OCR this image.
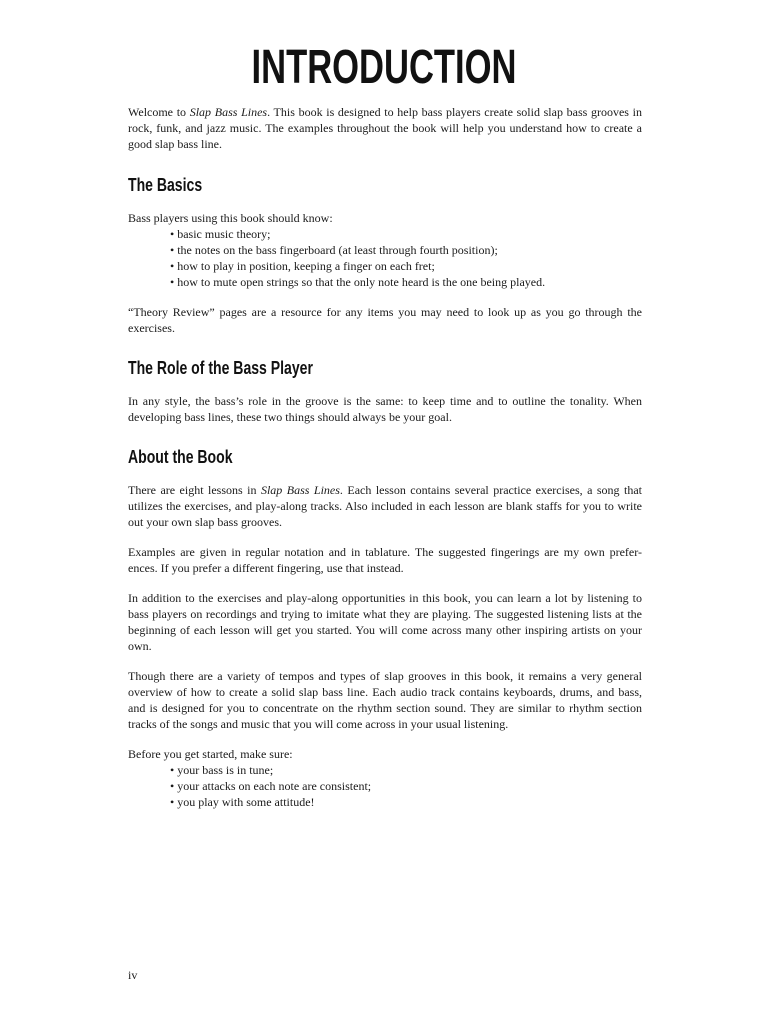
INTRODUCTION

Welcome to Slap Bass Lines. This book is designed to help bass players create solid slap bass grooves in rock, funk, and jazz music. The examples throughout the book will help you understand how to create a good slap bass line.

The Basics

Bass players using this book should know:

• basic music theory;
• the notes on the bass fingerboard (at least through fourth position);
• how to play in position, keeping a finger on each fret;
• how to mute open strings so that the only note heard is the one being played.

“Theory Review” pages are a resource for any items you may need to look up as you go through the exercises.

The Role of the Bass Player

In any style, the bass’s role in the groove is the same: to keep time and to outline the tonality. When developing bass lines, these two things should always be your goal.

About the Book

There are eight lessons in Slap Bass Lines. Each lesson contains several practice exercises, a song that utilizes the exercises, and play-along tracks. Also included in each lesson are blank staffs for you to write out your own slap bass grooves.

Examples are given in regular notation and in tablature. The suggested fingerings are my own prefer-ences. If you prefer a different fingering, use that instead.

In addition to the exercises and play-along opportunities in this book, you can learn a lot by listening to bass players on recordings and trying to imitate what they are playing. The suggested listening lists at the beginning of each lesson will get you started. You will come across many other inspiring artists on your own.

Though there are a variety of tempos and types of slap grooves in this book, it remains a very general overview of how to create a solid slap bass line. Each audio track contains keyboards, drums, and bass, and is designed for you to concentrate on the rhythm section sound. They are similar to rhythm section tracks of the songs and music that you will come across in your usual listening.

Before you get started, make sure:

• your bass is in tune;
• your attacks on each note are consistent;
• you play with some attitude!
iv
